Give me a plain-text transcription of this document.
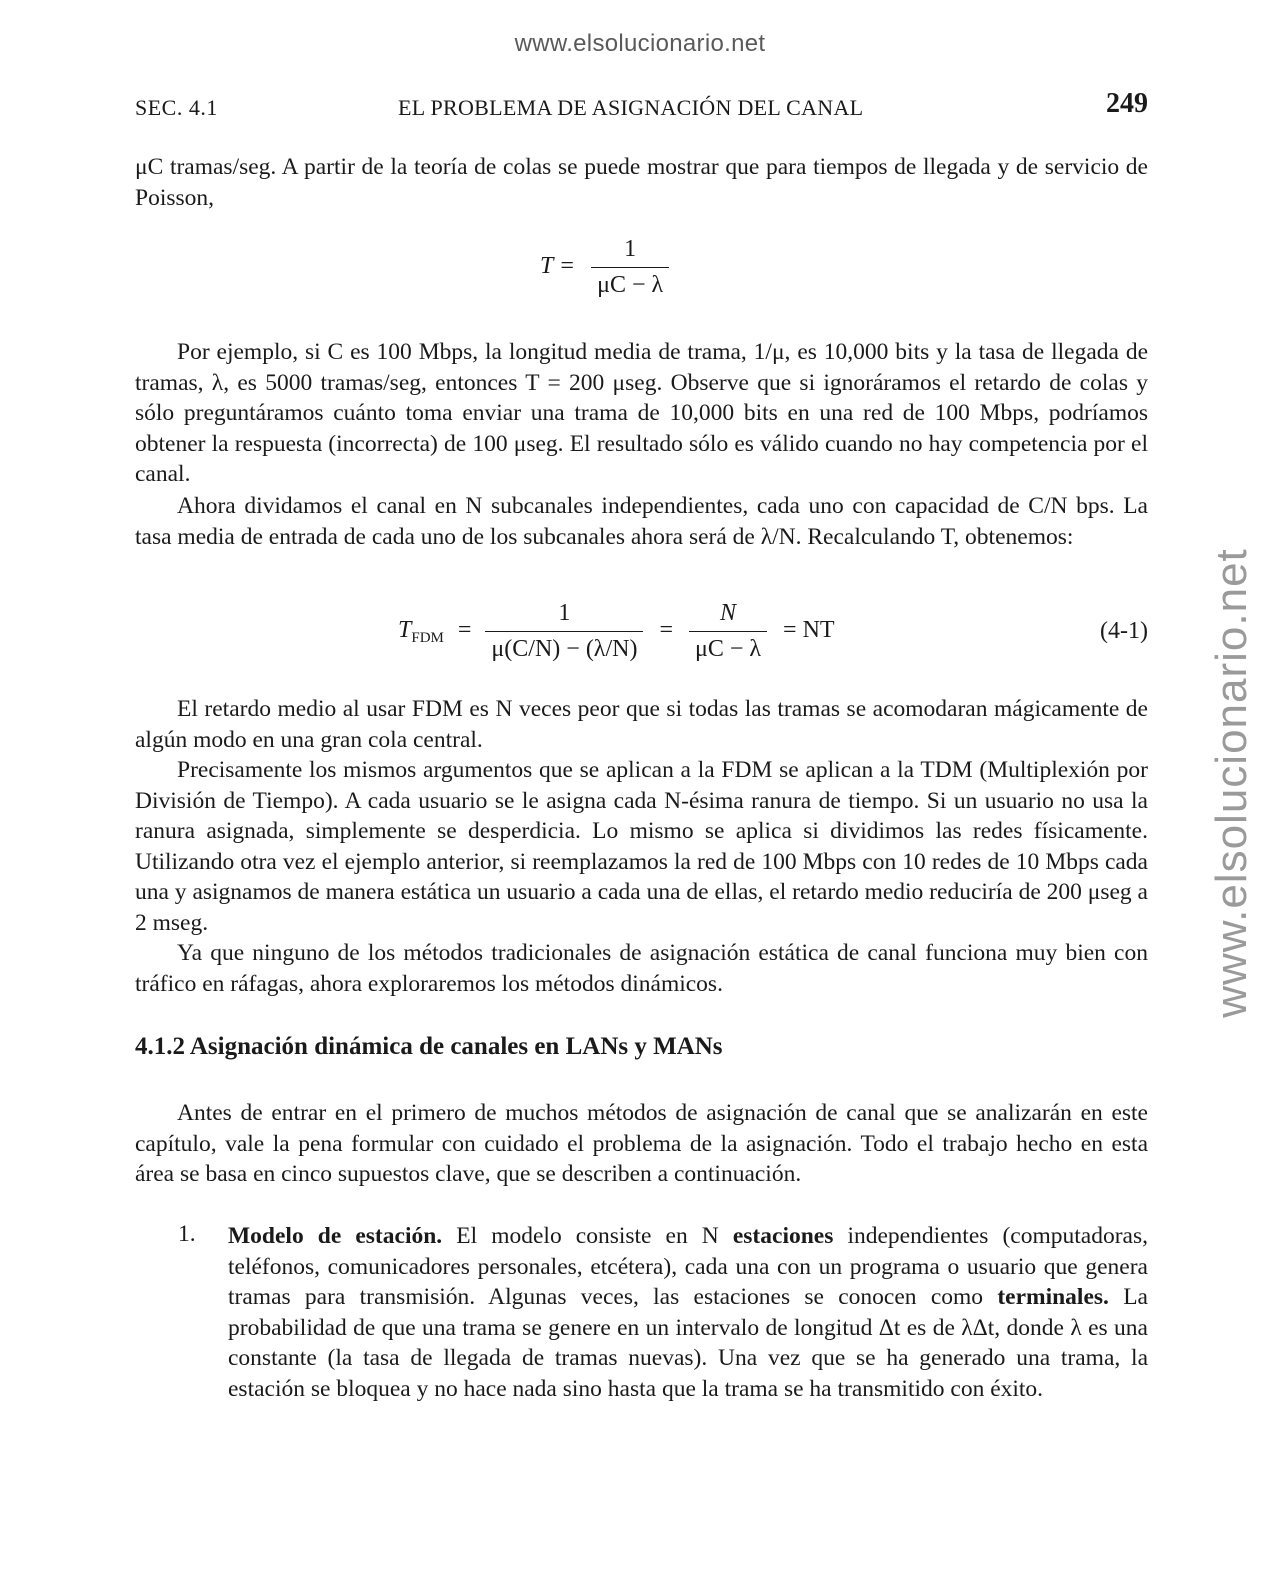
www.elsolucionario.net
www.elsolucionario.net
SEC. 4.1	EL PROBLEMA DE ASIGNACIÓN DEL CANAL	249

μC tramas/seg. A partir de la teoría de colas se puede mostrar que para tiempos de llegada y de servicio de Poisson,

$T = \frac{1}{\mu C - \lambda}$

Por ejemplo, si C es 100 Mbps, la longitud media de trama, 1/μ, es 10,000 bits y la tasa de llegada de tramas, λ, es 5000 tramas/seg, entonces T = 200 μseg. Observe que si ignoráramos el retardo de colas y sólo preguntáramos cuánto toma enviar una trama de 10,000 bits en una red de 100 Mbps, podríamos obtener la respuesta (incorrecta) de 100 μseg. El resultado sólo es válido cuando no hay competencia por el canal.

Ahora dividamos el canal en N subcanales independientes, cada uno con capacidad de C/N bps. La tasa media de entrada de cada uno de los subcanales ahora será de λ/N. Recalculando T, obtenemos:

$T_{FDM} = \frac{1}{\mu(C/N) - (\lambda/N)} = \frac{N}{\mu C - \lambda}$ = NT	(4-1)

El retardo medio al usar FDM es N veces peor que si todas las tramas se acomodaran mágicamente de algún modo en una gran cola central.

Precisamente los mismos argumentos que se aplican a la FDM se aplican a la TDM (Multiplexión por División de Tiempo). A cada usuario se le asigna cada N-ésima ranura de tiempo. Si un usuario no usa la ranura asignada, simplemente se desperdicia. Lo mismo se aplica si dividimos las redes físicamente. Utilizando otra vez el ejemplo anterior, si reemplazamos la red de 100 Mbps con 10 redes de 10 Mbps cada una y asignamos de manera estática un usuario a cada una de ellas, el retardo medio reduciría de 200 μseg a 2 mseg.

Ya que ninguno de los métodos tradicionales de asignación estática de canal funciona muy bien con tráfico en ráfagas, ahora exploraremos los métodos dinámicos.

4.1.2 Asignación dinámica de canales en LANs y MANs

Antes de entrar en el primero de muchos métodos de asignación de canal que se analizarán en este capítulo, vale la pena formular con cuidado el problema de la asignación. Todo el trabajo hecho en esta área se basa en cinco supuestos clave, que se describen a continuación.

1. Modelo de estación. El modelo consiste en N estaciones independientes (computadoras, teléfonos, comunicadores personales, etcétera), cada una con un programa o usuario que genera tramas para transmisión. Algunas veces, las estaciones se conocen como terminales. La probabilidad de que una trama se genere en un intervalo de longitud Δt es de λΔt, donde λ es una constante (la tasa de llegada de tramas nuevas). Una vez que se ha generado una trama, la estación se bloquea y no hace nada sino hasta que la trama se ha transmitido con éxito.
